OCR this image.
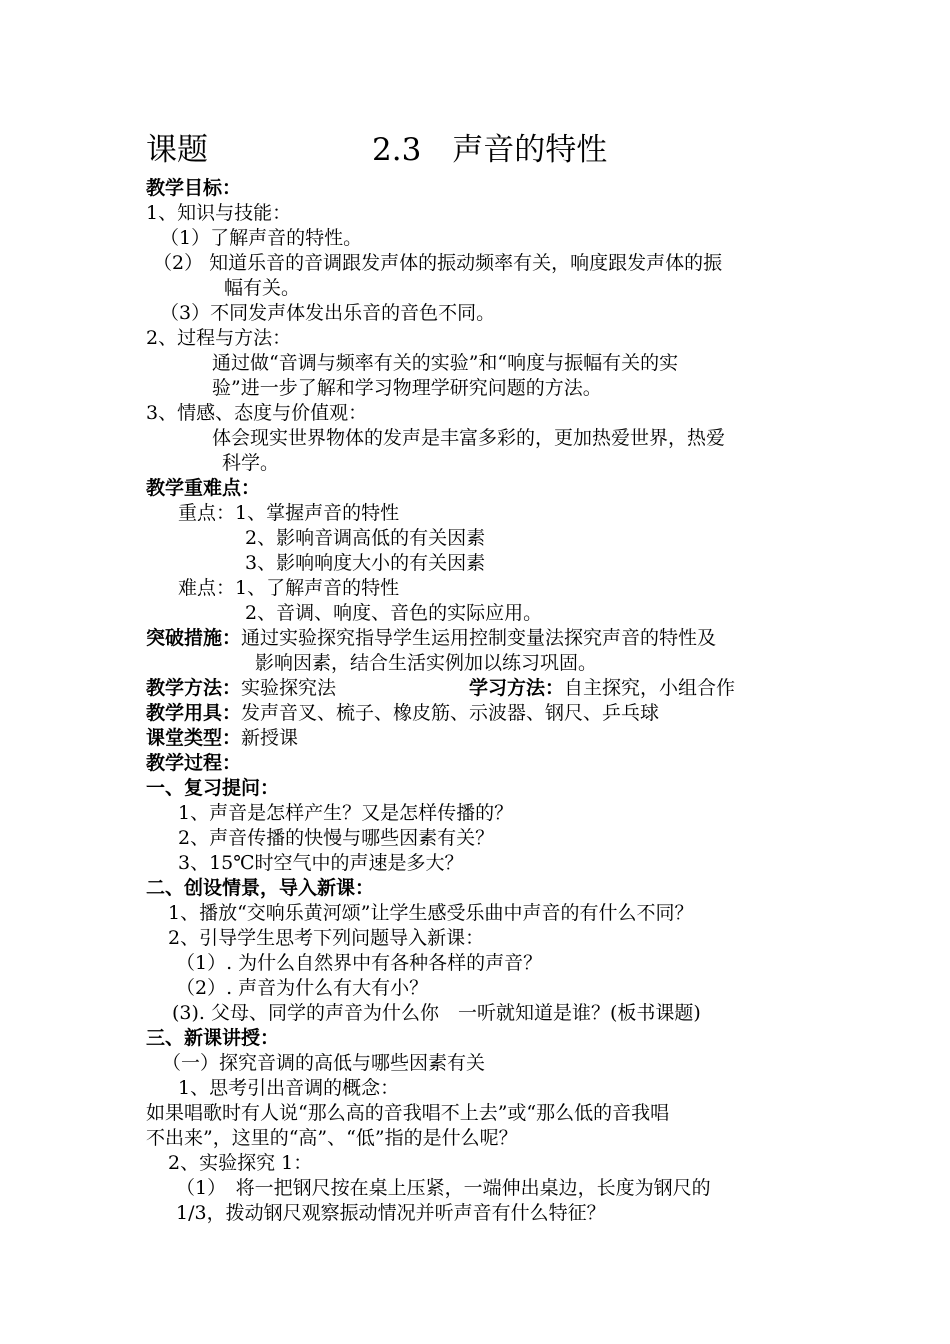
课题	2.3　声音的特性
教学目标：
1、知识与技能：
（1）了解声音的特性。
（2） 知道乐音的音调跟发声体的振动频率有关，响度跟发声体的振
幅有关。
（3）不同发声体发出乐音的音色不同。
2、过程与方法：
通过做“音调与频率有关的实验”和“响度与振幅有关的实
验”进一步了解和学习物理学研究问题的方法。
3、情感、态度与价值观：
体会现实世界物体的发声是丰富多彩的，更加热爱世界，热爱
科学。
教学重难点：
重点：1、掌握声音的特性
2、影响音调高低的有关因素
3、影响响度大小的有关因素
难点：1、了解声音的特性
2、音调、响度、音色的实际应用。
突破措施：通过实验探究指导学生运用控制变量法探究声音的特性及
影响因素，结合生活实例加以练习巩固。
教学方法：实验探究法	学习方法：自主探究，小组合作
教学用具：发声音叉、梳子、橡皮筋、示波器、钢尺、乒乓球
课堂类型：新授课
教学过程：
一、复习提问：
1、声音是怎样产生？又是怎样传播的？
2、声音传播的快慢与哪些因素有关？
3、15℃时空气中的声速是多大？
二、创设情景，导入新课：
1、播放“交响乐黄河颂”让学生感受乐曲中声音的有什么不同？
2、引导学生思考下列问题导入新课：
（1）. 为什么自然界中有各种各样的声音？
（2）. 声音为什么有大有小？
(3). 父母、同学的声音为什么你　一听就知道是谁？(板书课题)
三、新课讲授：
（一）探究音调的高低与哪些因素有关
1、思考引出音调的概念：
如果唱歌时有人说“那么高的音我唱不上去”或“那么低的音我唱
不出来”，这里的“高”、“低”指的是什么呢？
2、实验探究 1：
（1）　将一把钢尺按在桌上压紧，一端伸出桌边，长度为钢尺的
1/3，拨动钢尺观察振动情况并听声音有什么特征？
